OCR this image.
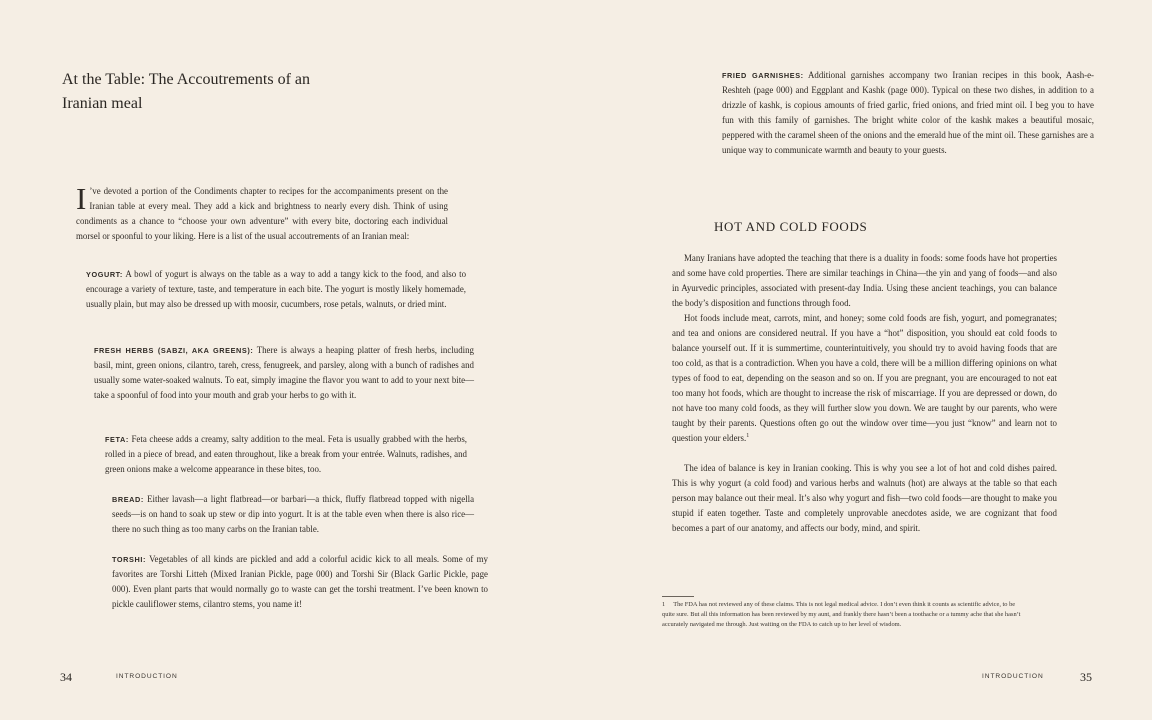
At the Table: The Accoutrements of an Iranian meal

I ’ve devoted a portion of the Condiments chapter to recipes for the accompaniments present on the Iranian table at every meal. They add a kick and brightness to nearly every dish. Think of using condiments as a chance to “choose your own adventure” with every bite, doctoring each individual morsel or spoonful to your liking. Here is a list of the usual accoutrements of an Iranian meal:

YOGURT: A bowl of yogurt is always on the table as a way to add a tangy kick to the food, and also to encourage a variety of texture, taste, and temperature in each bite. The yogurt is mostly likely homemade, usually plain, but may also be dressed up with moosir, cucumbers, rose petals, walnuts, or dried mint.

FRESH HERBS (SABZI, AKA GREENS): There is always a heaping platter of fresh herbs, including basil, mint, green onions, cilantro, tareh, cress, fenugreek, and parsley, along with a bunch of radishes and usually some water-soaked walnuts. To eat, simply imagine the flavor you want to add to your next bite—take a spoonful of food into your mouth and grab your herbs to go with it.

FETA: Feta cheese adds a creamy, salty addition to the meal. Feta is usually grabbed with the herbs, rolled in a piece of bread, and eaten throughout, like a break from your entrée. Walnuts, radishes, and green onions make a welcome appearance in these bites, too.

BREAD: Either lavash—a light flatbread—or barbari—a thick, fluffy flatbread topped with nigella seeds—is on hand to soak up stew or dip into yogurt. It is at the table even when there is also rice—there no such thing as too many carbs on the Iranian table.

TORSHI: Vegetables of all kinds are pickled and add a colorful acidic kick to all meals. Some of my favorites are Torshi Litteh (Mixed Iranian Pickle, page 000) and Torshi Sir (Black Garlic Pickle, page 000). Even plant parts that would normally go to waste can get the torshi treatment. I’ve been known to pickle cauliflower stems, cilantro stems, you name it!

34	INTRODUCTION

FRIED GARNISHES: Additional garnishes accompany two Iranian recipes in this book, Aash-e-Reshteh (page 000) and Eggplant and Kashk (page 000). Typical on these two dishes, in addition to a drizzle of kashk, is copious amounts of fried garlic, fried onions, and fried mint oil. I beg you to have fun with this family of garnishes. The bright white color of the kashk makes a beautiful mosaic, peppered with the caramel sheen of the onions and the emerald hue of the mint oil. These garnishes are a unique way to communicate warmth and beauty to your guests.

HOT AND COLD FOODS

Many Iranians have adopted the teaching that there is a duality in foods: some foods have hot properties and some have cold properties. There are similar teachings in China—the yin and yang of foods—and also in Ayurvedic principles, associated with present-day India. Using these ancient teachings, you can balance the body’s disposition and functions through food.

Hot foods include meat, carrots, mint, and honey; some cold foods are fish, yogurt, and pomegranates; and tea and onions are considered neutral. If you have a “hot” disposition, you should eat cold foods to balance yourself out. If it is summertime, counterintuitively, you should try to avoid having foods that are too cold, as that is a contradiction. When you have a cold, there will be a million differing opinions on what types of food to eat, depending on the season and so on. If you are pregnant, you are encouraged to not eat too many hot foods, which are thought to increase the risk of miscarriage. If you are depressed or down, do not have too many cold foods, as they will further slow you down. We are taught by our parents, who were taught by their parents. Questions often go out the window over time—you just “know” and learn not to question your elders.$^1$

The idea of balance is key in Iranian cooking. This is why you see a lot of hot and cold dishes paired. This is why yogurt (a cold food) and various herbs and walnuts (hot) are always at the table so that each person may balance out their meal. It’s also why yogurt and fish—two cold foods—are thought to make you stupid if eaten together. Taste and completely unprovable anecdotes aside, we are cognizant that food becomes a part of our anatomy, and affects our body, mind, and spirit.

1 The FDA has not reviewed any of these claims. This is not legal medical advice. I don’t even think it counts as scientific advice, to be quite sure. But all this information has been reviewed by my aunt, and frankly there hasn’t been a toothache or a tummy ache that she hasn’t accurately navigated me through. Just waiting on the FDA to catch up to her level of wisdom.

INTRODUCTION	35
